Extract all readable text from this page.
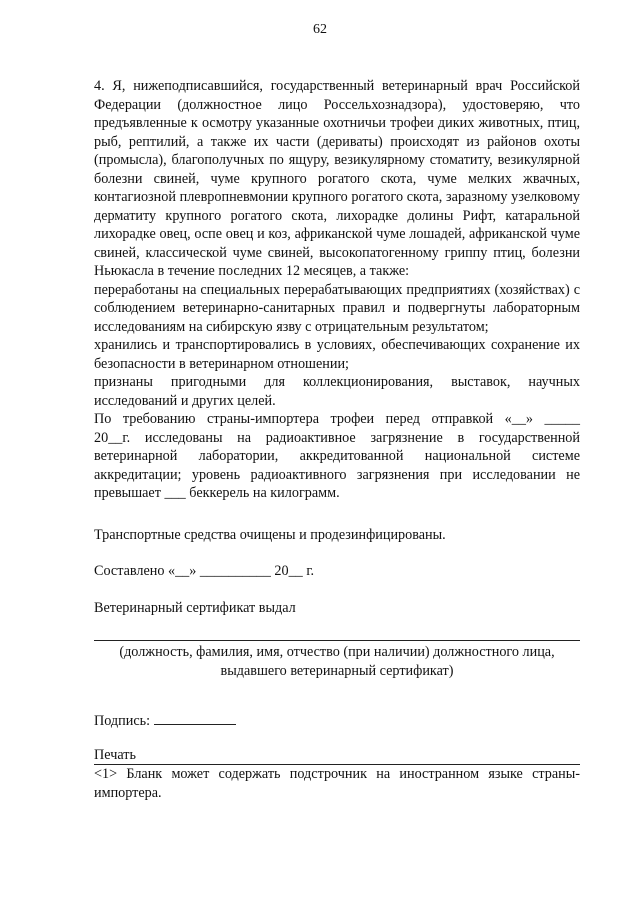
62

4. Я, нижеподписавшийся, государственный ветеринарный врач Российской Федерации (должностное лицо Россельхознадзора), удостоверяю, что предъявленные к осмотру указанные охотничьи трофеи диких животных, птиц, рыб, рептилий, а также их части (дериваты) происходят из районов охоты (промысла), благополучных по ящуру, везикулярному стоматиту, везикулярной болезни свиней, чуме крупного рогатого скота, чуме мелких жвачных, контагиозной плевропневмонии крупного рогатого скота, заразному узелковому дерматиту крупного рогатого скота, лихорадке долины Рифт, катаральной лихорадке овец, оспе овец и коз, африканской чуме лошадей, африканской чуме свиней, классической чуме свиней, высокопатогенному гриппу птиц, болезни Ньюкасла в течение последних 12 месяцев, а также:

переработаны на специальных перерабатывающих предприятиях (хозяйствах) с соблюдением ветеринарно-санитарных правил и подвергнуты лабораторным исследованиям на сибирскую язву с отрицательным результатом;

хранились и транспортировались в условиях, обеспечивающих сохранение их безопасности в ветеринарном отношении;

признаны пригодными для коллекционирования, выставок, научных исследований и других целей.

По требованию страны-импортера трофеи перед отправкой «__» _____

20__г. исследованы на радиоактивное загрязнение в государственной ветеринарной лаборатории, аккредитованной национальной системе аккредитации; уровень радиоактивного загрязнения при исследовании не превышает ___ беккерель на килограмм.

Транспортные средства очищены и продезинфицированы.

Составлено «__» __________ 20__ г.

Ветеринарный сертификат выдал

(должность, фамилия, имя, отчество (при наличии) должностного лица, выдавшего ветеринарный сертификат)

Подпись:

Печать

<1> Бланк может содержать подстрочник на иностранном языке страны-импортера.
